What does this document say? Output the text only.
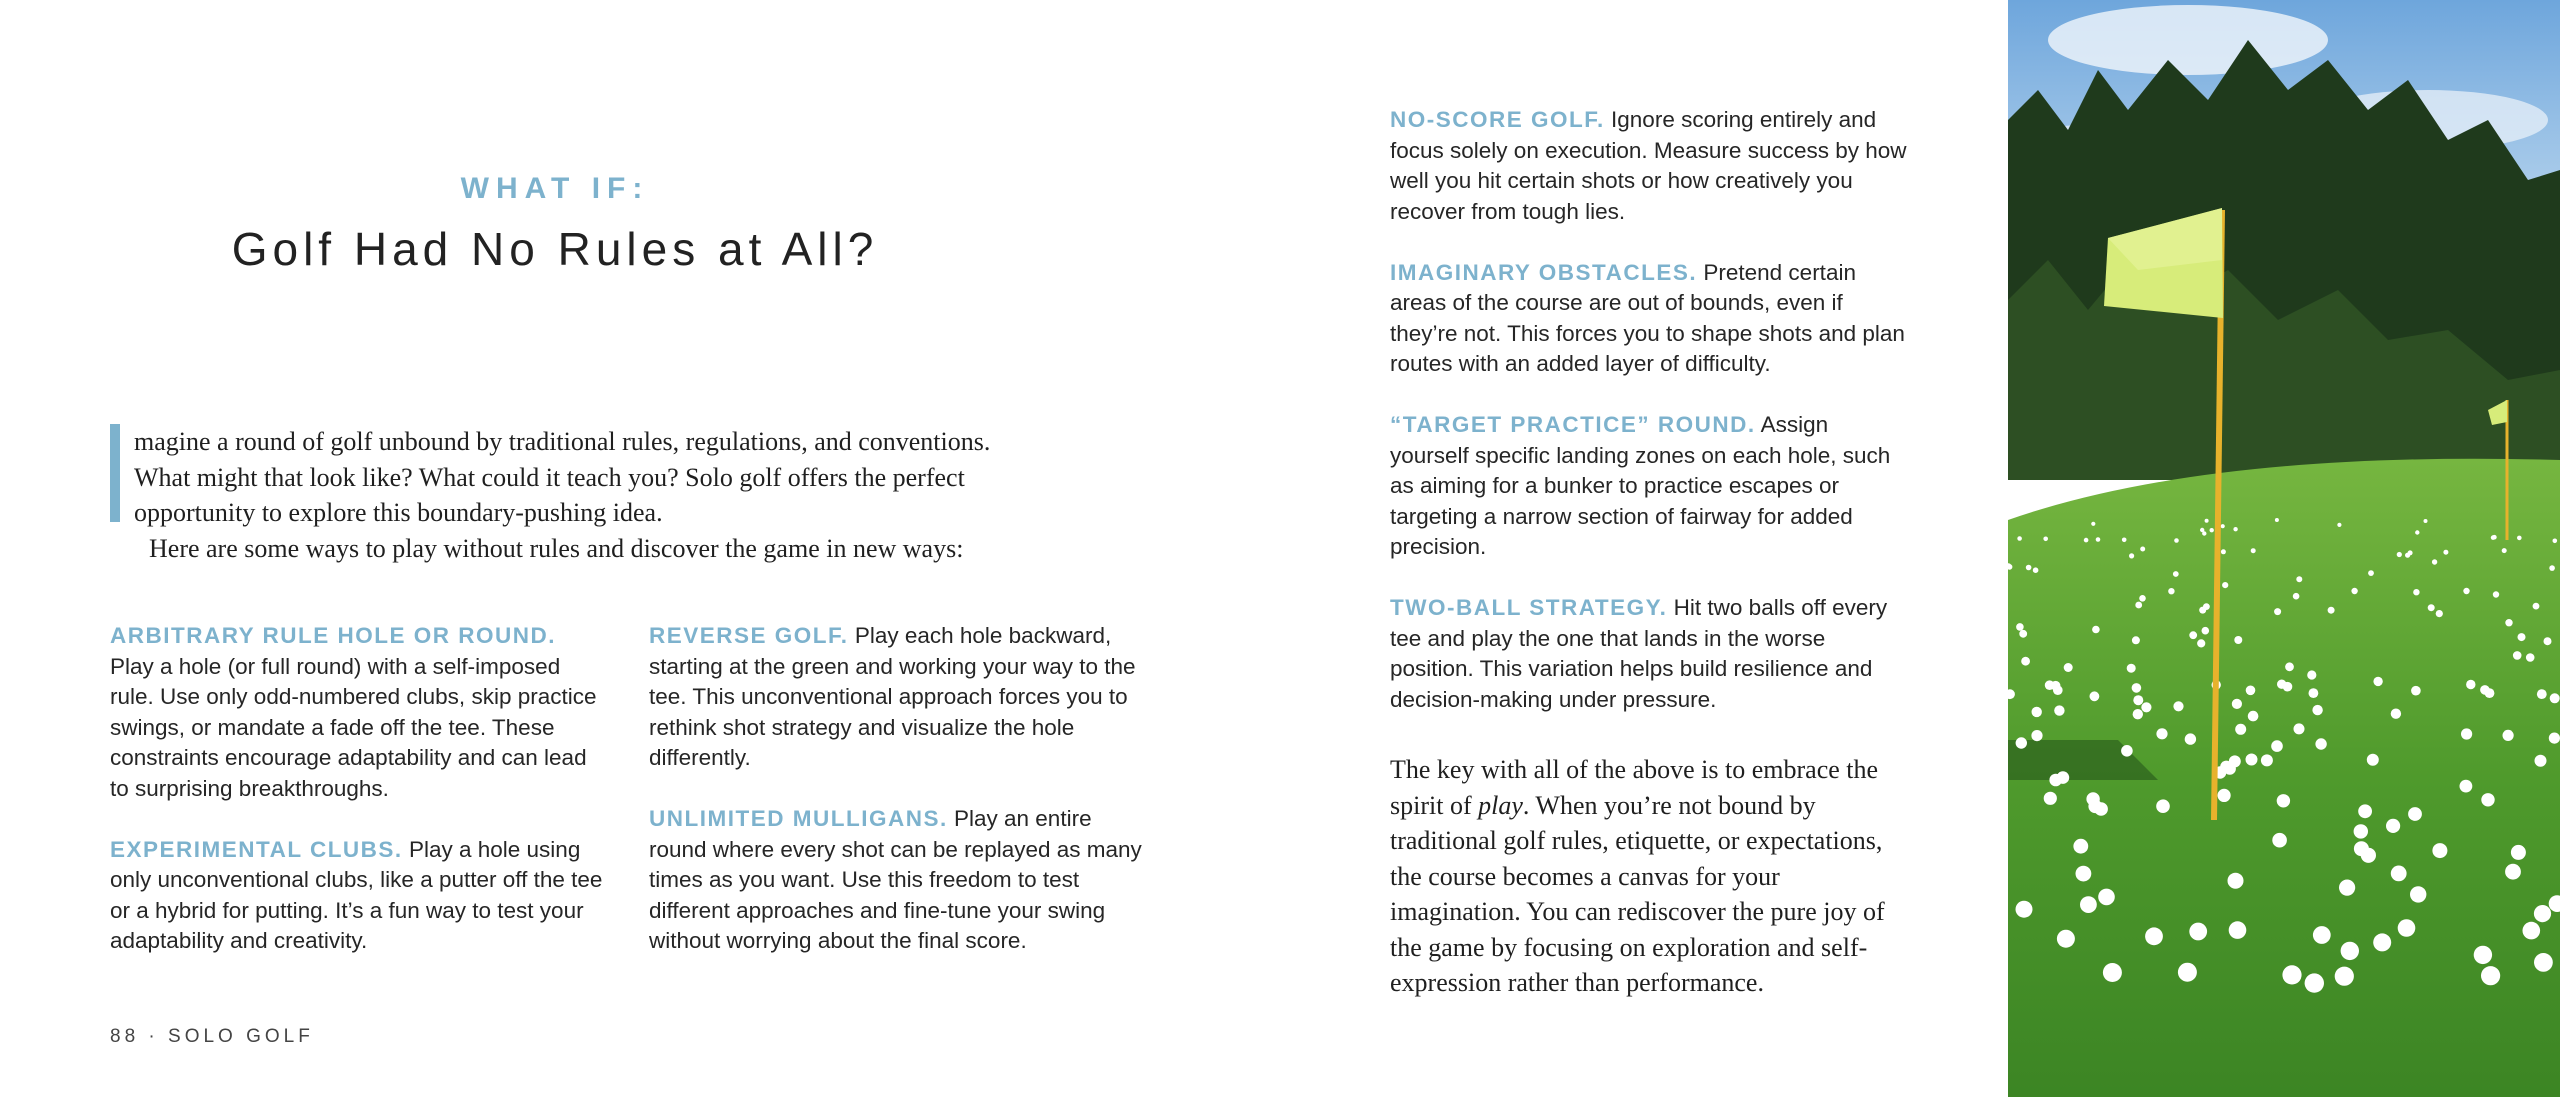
WHAT IF:
Golf Had No Rules at All?

magine a round of golf unbound by traditional rules, regulations, and conventions. What might that look like? What could it teach you? Solo golf offers the perfect opportunity to explore this boundary-pushing idea.

Here are some ways to play without rules and discover the game in new ways:

ARBITRARY RULE HOLE OR ROUND.
Play a hole (or full round) with a self-imposed rule. Use only odd-numbered clubs, skip practice swings, or mandate a fade off the tee. These constraints encourage adaptability and can lead to surprising breakthroughs.

EXPERIMENTAL CLUBS. Play a hole using only unconventional clubs, like a putter off the tee or a hybrid for putting. It’s a fun way to test your adaptability and creativity.

REVERSE GOLF. Play each hole backward, starting at the green and working your way to the tee. This unconventional approach forces you to rethink shot strategy and visualize the hole differently.

UNLIMITED MULLIGANS. Play an entire round where every shot can be replayed as many times as you want. Use this freedom to test different approaches and fine-tune your swing without worrying about the final score.

88 · SOLO GOLF

NO-SCORE GOLF. Ignore scoring entirely and focus solely on execution. Measure success by how well you hit certain shots or how creatively you recover from tough lies.

IMAGINARY OBSTACLES. Pretend certain areas of the course are out of bounds, even if they’re not. This forces you to shape shots and plan routes with an added layer of difficulty.

“TARGET PRACTICE” ROUND. Assign yourself specific landing zones on each hole, such as aiming for a bunker to practice escapes or targeting a narrow section of fairway for added precision.

TWO-BALL STRATEGY. Hit two balls off every tee and play the one that lands in the worse position. This variation helps build resilience and decision-making under pressure.

The key with all of the above is to embrace the spirit of play. When you’re not bound by traditional golf rules, etiquette, or expectations, the course becomes a canvas for your imagination. You can rediscover the pure joy of the game by focusing on exploration and self-expression rather than performance.
